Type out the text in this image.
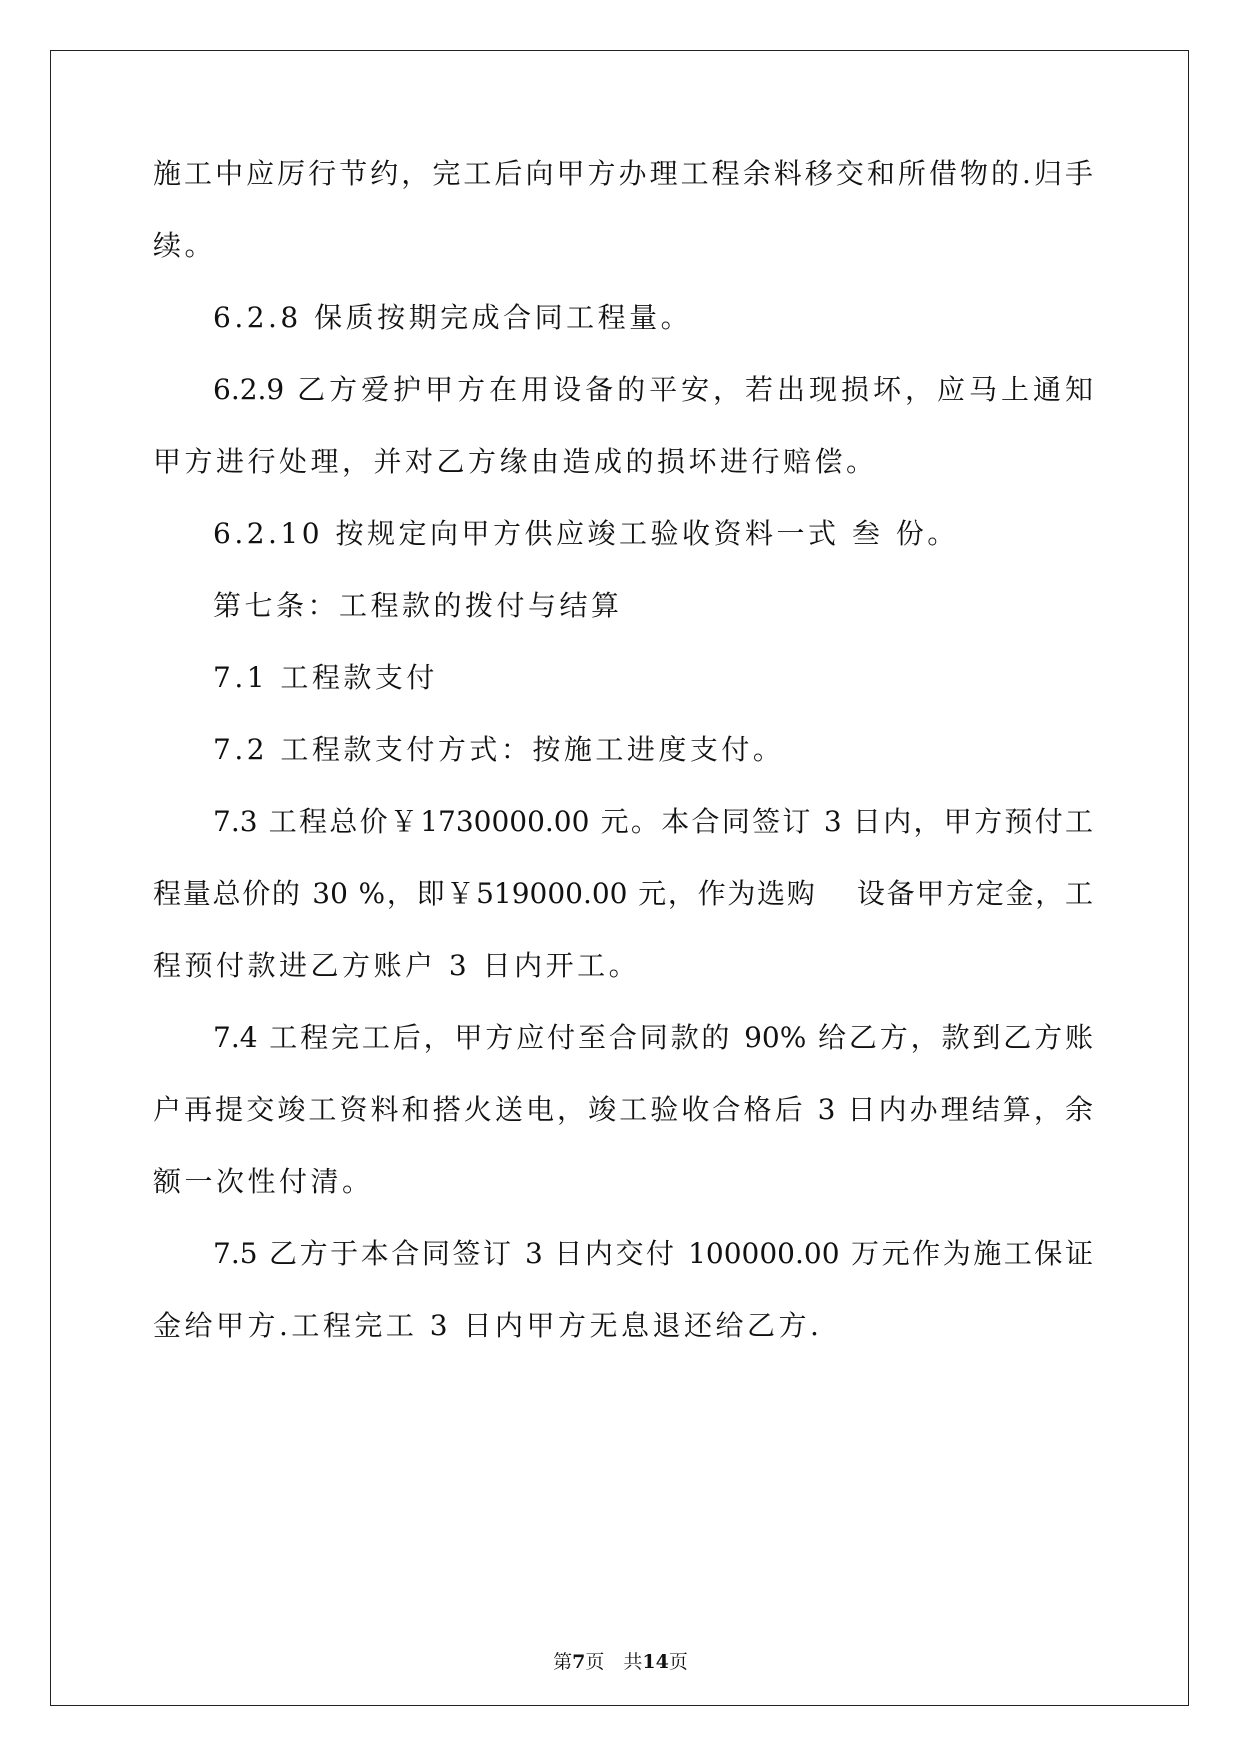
施工中应厉行节约，完工后向甲方办理工程余料移交和所借物的.归手
续。
6.2.8 保质按期完成合同工程量。
6.2.9 乙方爱护甲方在用设备的平安，若出现损坏，应马上通知
甲方进行处理，并对乙方缘由造成的损坏进行赔偿。
6.2.10 按规定向甲方供应竣工验收资料一式 叁 份。
第七条：工程款的拨付与结算
7.1 工程款支付
7.2 工程款支付方式：按施工进度支付。
7.3 工程总价￥1730000.00 元。本合同签订 3 日内，甲方预付工
程量总价的 30 %，即￥519000.00 元，作为选购　 设备甲方定金，工
程预付款进乙方账户 3 日内开工。
7.4 工程完工后，甲方应付至合同款的 90% 给乙方，款到乙方账
户再提交竣工资料和搭火送电，竣工验收合格后 3 日内办理结算，余
额一次性付清。
7.5 乙方于本合同签订 3 日内交付 100000.00 万元作为施工保证
金给甲方.工程完工 3 日内甲方无息退还给乙方.
第7页　共14页
